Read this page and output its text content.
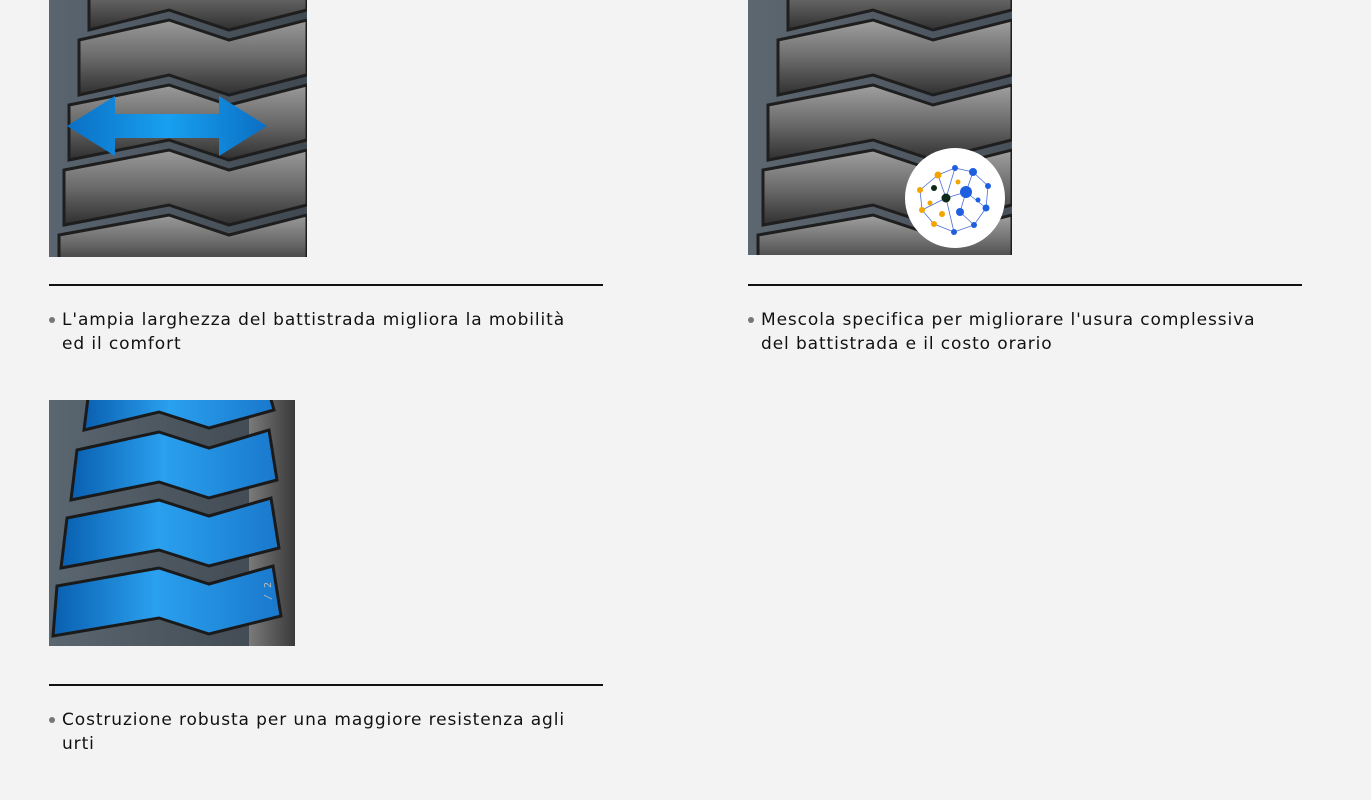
L'ampia larghezza del battistrada migliora la mobilità ed il comfort
Mescola specifica per migliorare l'usura complessiva del battistrada e il costo orario
/ 2
Costruzione robusta per una maggiore resistenza agli urti
